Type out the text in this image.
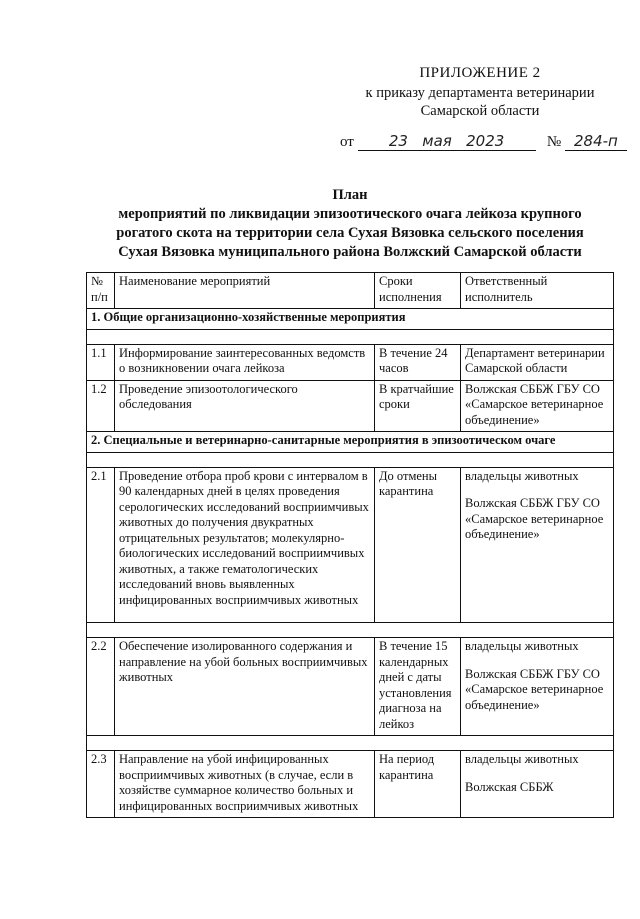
ПРИЛОЖЕНИЕ 2
к приказу департамента ветеринарии
Самарской области
от 23 мая 2023	№ 284-п
План
мероприятий по ликвидации эпизоотического очага лейкоза крупного
рогатого скота на территории села Сухая Вязовка сельского поселения
Сухая Вязовка муниципального района Волжский Самарской области
№ п/п	Наименование мероприятий	Сроки исполнения	Ответственный исполнитель
1. Общие организационно-хозяйственные мероприятия			

1.1	Информирование заинтересованных ведомств о возникновении очага лейкоза	В течение 24 часов	Департамент ветеринарии Самарской области
1.2	Проведение эпизоотологического обследования	В кратчайшие сроки	Волжская СББЖ ГБУ СО «Самарское ветеринарное объединение»
2. Специальные и ветеринарно-санитарные мероприятия в эпизоотическом очаге			

2.1	Проведение отбора проб крови с интервалом в 90 календарных дней в целях проведения серологических исследований восприимчивых животных до получения двукратных отрицательных результатов; молекулярно-биологических исследований восприимчивых животных, а также гематологических исследований вновь выявленных инфицированных восприимчивых животных	До отмены карантина	владельцы животных
Волжская СББЖ ГБУ СО «Самарское ветеринарное объединение»

2.2	Обеспечение изолированного содержания и направление на убой больных восприимчивых животных	В течение 15 календарных дней с даты установления диагноза на лейкоз	владельцы животных
Волжская СББЖ ГБУ СО «Самарское ветеринарное объединение»

2.3	Направление на убой инфицированных восприимчивых животных (в случае, если в хозяйстве суммарное количество больных и инфицированных восприимчивых животных	На период карантина	владельцы животных
Волжская СББЖ
